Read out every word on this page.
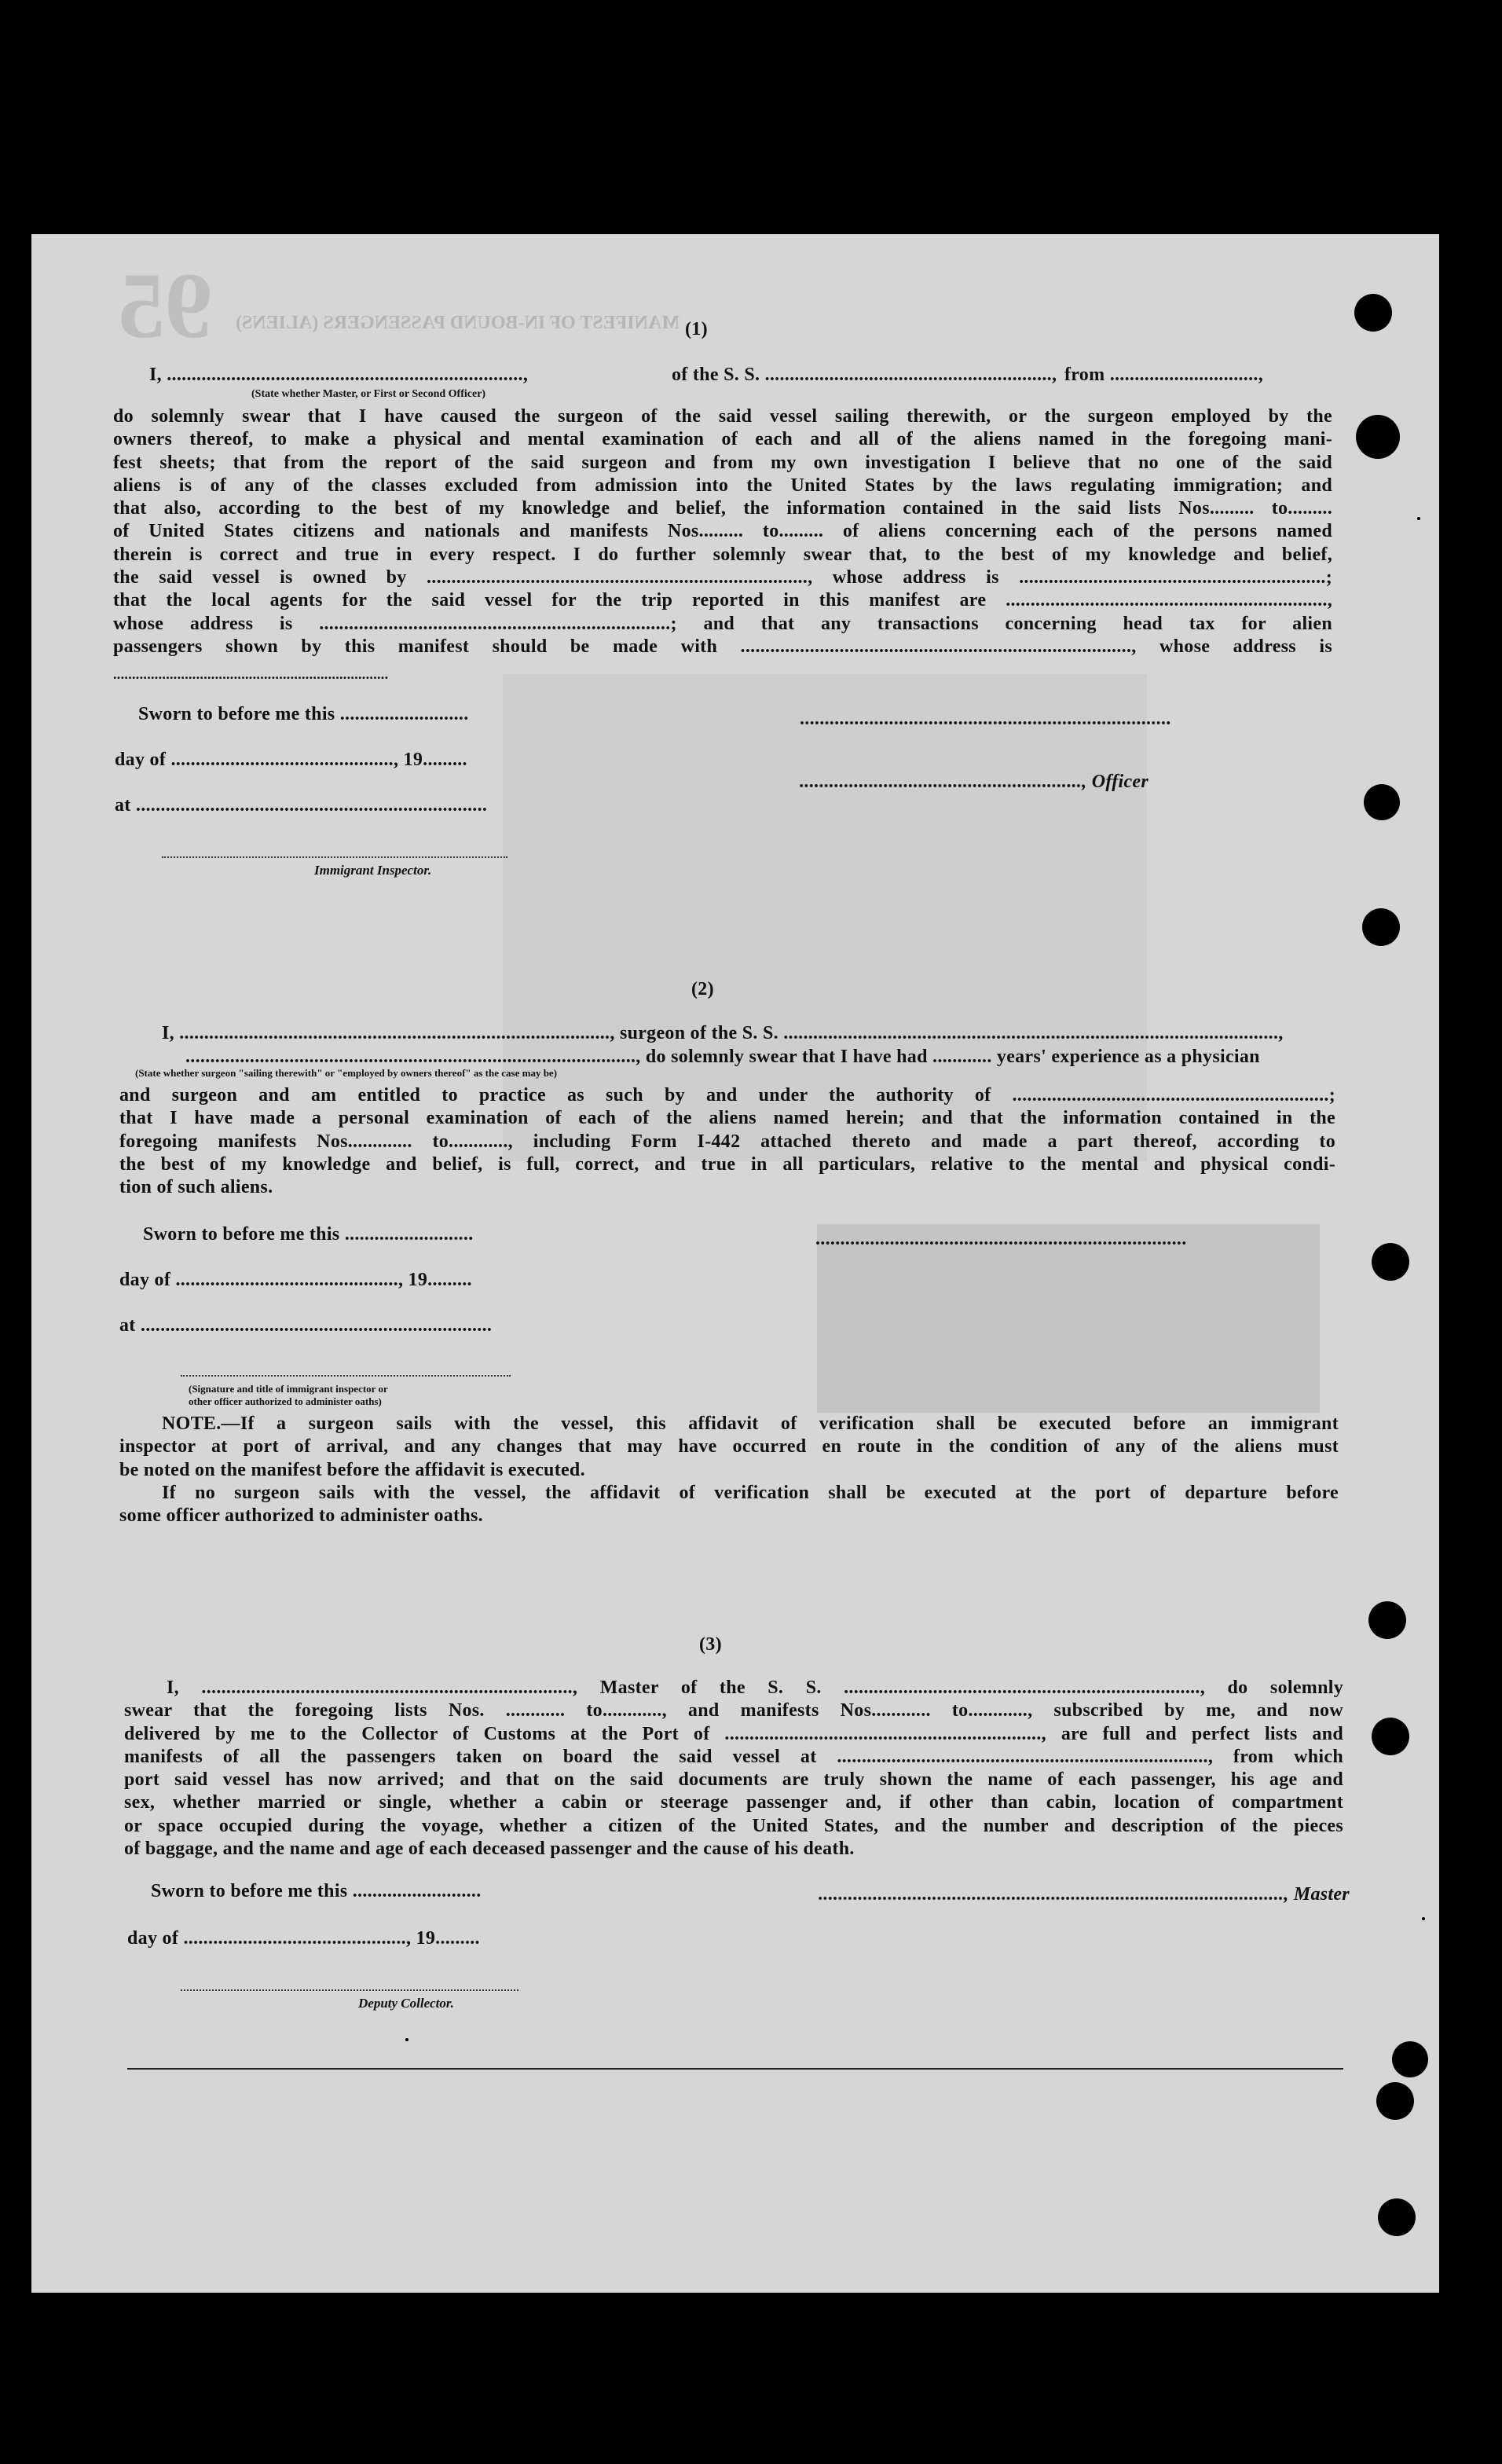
95 MANIFEST OF IN-BOUND PASSENGERS (ALIENS) (1)
I, ........................................................................,	of the S. S. .........................................................., from ..............................,
(State whether Master, or First or Second Officer)
do solemnly swear that I have caused the surgeon of the said vessel sailing therewith, or the surgeon employed by the
owners thereof, to make a physical and mental examination of each and all of the aliens named in the foregoing mani-
fest sheets; that from the report of the said surgeon and from my own investigation I believe that no one of the said
aliens is of any of the classes excluded from admission into the United States by the laws regulating immigration; and
that also, according to the best of my knowledge and belief, the information contained in the said lists Nos......... to.........
of United States citizens and nationals and manifests Nos......... to......... of aliens concerning each of the persons named
therein is correct and true in every respect. I do further solemnly swear that, to the best of my knowledge and belief,
the said vessel is owned by ............................................................................., whose address is ..............................................................;
that the local agents for the said vessel for the trip reported in this manifest are .................................................................,
whose address is .......................................................................; and that any transactions concerning head tax for alien
passengers shown by this manifest should be made with ..............................................................................., whose address is
.........................................................................
Sworn to before me this ..........................
day of ............................................., 19.........
at .......................................................................
Immigrant Inspector.
...........................................................................
........................................................., Officer
(2)
I, ......................................................................................., surgeon of the S. S. ....................................................................................................,
..........................................................................................., do solemnly swear that I have had ............ years' experience as a physician
(State whether surgeon "sailing therewith" or "employed by owners thereof" as the case may be)
and surgeon and am entitled to practice as such by and under the authority of ................................................................;
that I have made a personal examination of each of the aliens named herein; and that the information contained in the
foregoing manifests Nos............. to............, including Form I-442 attached thereto and made a part thereof, according to
the best of my knowledge and belief, is full, correct, and true in all particulars, relative to the mental and physical condi-
tion of such aliens.
Sworn to before me this ..........................
day of ............................................., 19.........
at .......................................................................
...........................................................................
(Signature and title of immigrant inspector or
other officer authorized to administer oaths)
NOTE.—If a surgeon sails with the vessel, this affidavit of verification shall be executed before an immigrant
inspector at port of arrival, and any changes that may have occurred en route in the condition of any of the aliens must
be noted on the manifest before the affidavit is executed.
If no surgeon sails with the vessel, the affidavit of verification shall be executed at the port of departure before
some officer authorized to administer oaths.
(3)
I, ..........................................................................., Master of the S. S. ........................................................................, do solemnly
swear that the foregoing lists Nos. ............ to............, and manifests Nos............ to............, subscribed by me, and now
delivered by me to the Collector of Customs at the Port of ................................................................, are full and perfect lists and
manifests of all the passengers taken on board the said vessel at ..........................................................................., from which
port said vessel has now arrived; and that on the said documents are truly shown the name of each passenger, his age and
sex, whether married or single, whether a cabin or steerage passenger and, if other than cabin, location of compartment
or space occupied during the voyage, whether a citizen of the United States, and the number and description of the pieces
of baggage, and the name and age of each deceased passenger and the cause of his death.
Sworn to before me this ..........................
day of ............................................., 19.........
.............................................................................................., Master
Deputy Collector.
